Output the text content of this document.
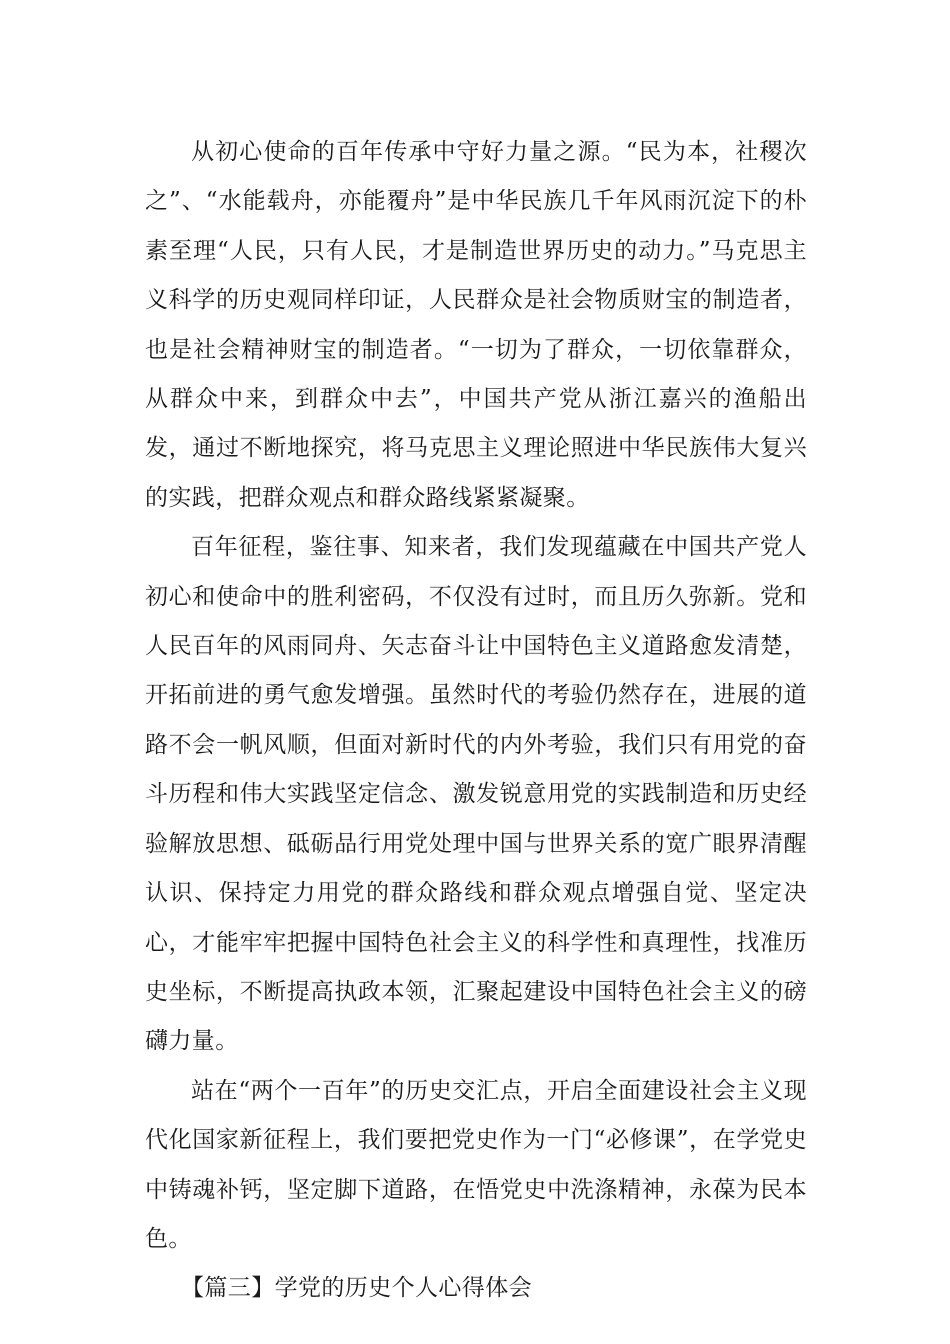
从初心使命的百年传承中守好力量之源。“民为本，社稷次之”、“水能载舟，亦能覆舟”是中华民族几千年风雨沉淀下的朴素至理“人民，只有人民，才是制造世界历史的动力。”马克思主义科学的历史观同样印证，人民群众是社会物质财宝的制造者，也是社会精神财宝的制造者。“一切为了群众，一切依靠群众，从群众中来，到群众中去”，中国共产党从浙江嘉兴的渔船出发，通过不断地探究，将马克思主义理论照进中华民族伟大复兴的实践，把群众观点和群众路线紧紧凝聚。

百年征程，鉴往事、知来者，我们发现蕴藏在中国共产党人初心和使命中的胜利密码，不仅没有过时，而且历久弥新。党和人民百年的风雨同舟、矢志奋斗让中国特色主义道路愈发清楚，开拓前进的勇气愈发增强。虽然时代的考验仍然存在，进展的道路不会一帆风顺，但面对新时代的内外考验，我们只有用党的奋斗历程和伟大实践坚定信念、激发锐意用党的实践制造和历史经验解放思想、砥砺品行用党处理中国与世界关系的宽广眼界清醒认识、保持定力用党的群众路线和群众观点增强自觉、坚定决心，才能牢牢把握中国特色社会主义的科学性和真理性，找准历史坐标，不断提高执政本领，汇聚起建设中国特色社会主义的磅礴力量。

站在“两个一百年”的历史交汇点，开启全面建设社会主义现代化国家新征程上，我们要把党史作为一门“必修课”，在学党史中铸魂补钙，坚定脚下道路，在悟党史中洗涤精神，永葆为民本色。

【篇三】学党的历史个人心得体会
